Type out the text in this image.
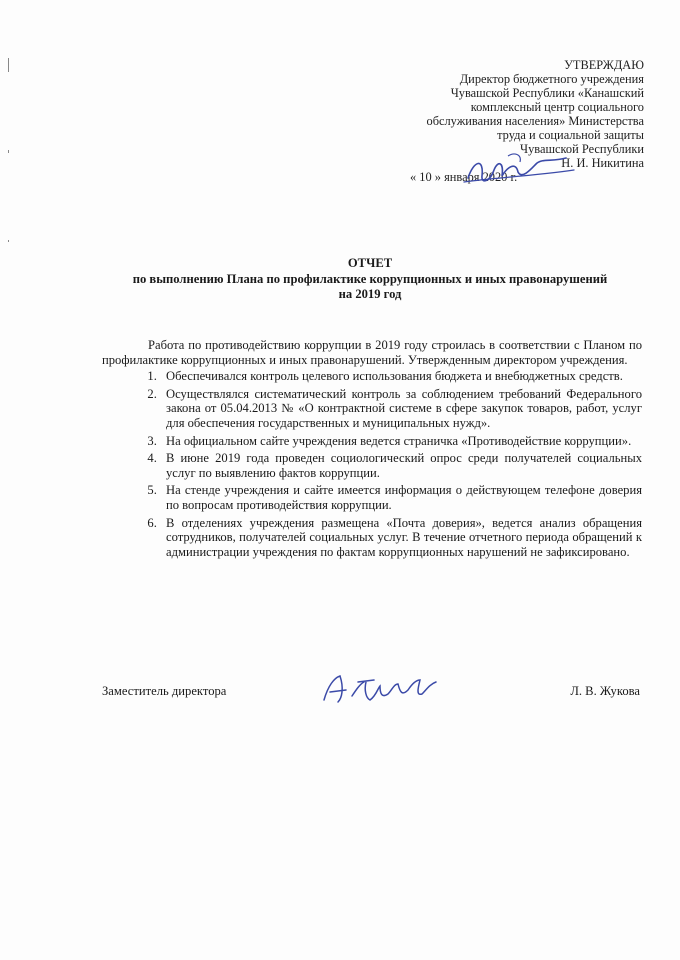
УТВЕРЖДАЮ
Директор бюджетного учреждения
Чувашской Республики «Канашский
комплексный центр социального
обслуживания населения» Министерства
труда и социальной защиты
Чувашской Республики
Н. И. Никитина
« 10 » января 2020 г.
ОТЧЕТ
по выполнению Плана по профилактике коррупционных и иных правонарушений
на 2019 год

Работа по противодействию коррупции в 2019 году строилась в соответствии с Планом по профилактике коррупционных и иных правонарушений. Утвержденным директором учреждения.

1. Обеспечивался контроль целевого использования бюджета и внебюджетных средств.
2. Осуществлялся систематический контроль за соблюдением требований Федерального закона от 05.04.2013 № «О контрактной системе в сфере закупок товаров, работ, услуг для обеспечения государственных и муниципальных нужд».
3. На официальном сайте учреждения ведется страничка «Противодействие коррупции».
4. В июне 2019 года проведен социологический опрос среди получателей социальных услуг по выявлению фактов коррупции.
5. На стенде учреждения и сайте имеется информация о действующем телефоне доверия по вопросам противодействия коррупции.
6. В отделениях учреждения размещена «Почта доверия», ведется анализ обращения сотрудников, получателей социальных услуг. В течение отчетного периода обращений к администрации учреждения по фактам коррупционных нарушений не зафиксировано.
Заместитель директора	Л. В. Жукова
